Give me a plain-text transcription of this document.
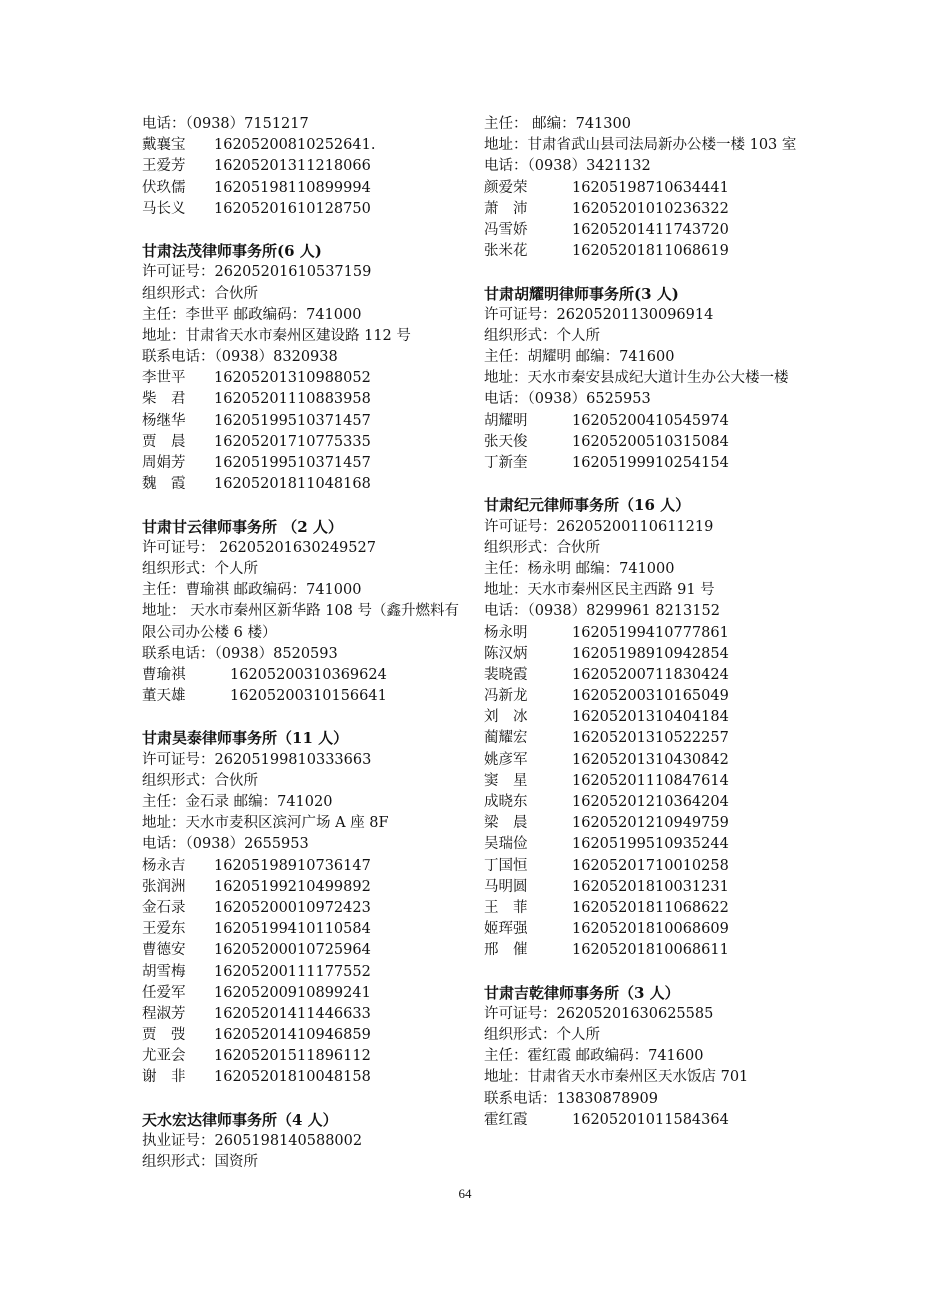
电话：（0938）7151217
戴襄宝 16205200810252641.
王爱芳 16205201311218066
伏玖儒 16205198110899994
马长义 16205201610128750
甘肃法茂律师事务所(6 人)
许可证号：26205201610537159
组织形式：合伙所
主任：李世平 邮政编码：741000
地址：甘肃省天水市秦州区建设路 112 号
联系电话：（0938）8320938
李世平 16205201310988052
柴　君 16205201110883958
杨继华 16205199510371457
贾　晨 16205201710775335
周娟芳 16205199510371457
魏　霞 16205201811048168
甘肃甘云律师事务所 （2 人）
许可证号： 26205201630249527
组织形式：个人所
主任：曹瑜祺 邮政编码：741000
地址： 天水市秦州区新华路 108 号（鑫升燃料有限公司办公楼 6 楼）
联系电话：（0938）8520593
曹瑜祺	16205200310369624
董天雄	16205200310156641
甘肃昊泰律师事务所（11 人）
许可证号：26205199810333663
组织形式：合伙所
主任：金石录 邮编：741020
地址：天水市麦积区滨河广场 A 座 8F
电话：（0938）2655953
杨永吉 16205198910736147
张润洲 16205199210499892
金石录 16205200010972423
王爱东 16205199410110584
曹德安 16205200010725964
胡雪梅 16205200111177552
任爱军 16205200910899241
程淑芳 16205201411446633
贾　弢 16205201410946859
尤亚会 16205201511896112
谢　非 16205201810048158
天水宏达律师事务所（4 人）
执业证号：2605198140588002
组织形式：国资所
主任： 邮编：741300
地址：甘肃省武山县司法局新办公楼一楼 103 室
电话：（0938）3421132
颜爱荣	16205198710634441
萧　沛	16205201010236322
冯雪娇	16205201411743720
张米花	16205201811068619
甘肃胡耀明律师事务所(3 人)
许可证号：26205201130096914
组织形式：个人所
主任：胡耀明 邮编：741600
地址：天水市秦安县成纪大道计生办公大楼一楼
电话：（0938）6525953
胡耀明	16205200410545974
张天俊	16205200510315084
丁新奎	16205199910254154
甘肃纪元律师事务所（16 人）
许可证号：26205200110611219
组织形式：合伙所
主任：杨永明 邮编：741000
地址：天水市秦州区民主西路 91 号
电话：（0938）8299961 8213152
杨永明	16205199410777861
陈汉炳	16205198910942854
裴晓霞	16205200711830424
冯新龙	16205200310165049
刘　冰	16205201310404184
蔺耀宏	16205201310522257
姚彦军	16205201310430842
窦　星	16205201110847614
成晓东	16205201210364204
梁　晨	16205201210949759
吴瑞俭	16205199510935244
丁国恒	16205201710010258
马明圆	16205201810031231
王　菲	16205201811068622
姬珲强	16205201810068609
邢　催	16205201810068611
甘肃吉乾律师事务所（3 人）
许可证号：26205201630625585
组织形式：个人所
主任：霍红霞 邮政编码：741600
地址：甘肃省天水市秦州区天水饭店 701
联系电话：13830878909
霍红霞	16205201011584364
64
